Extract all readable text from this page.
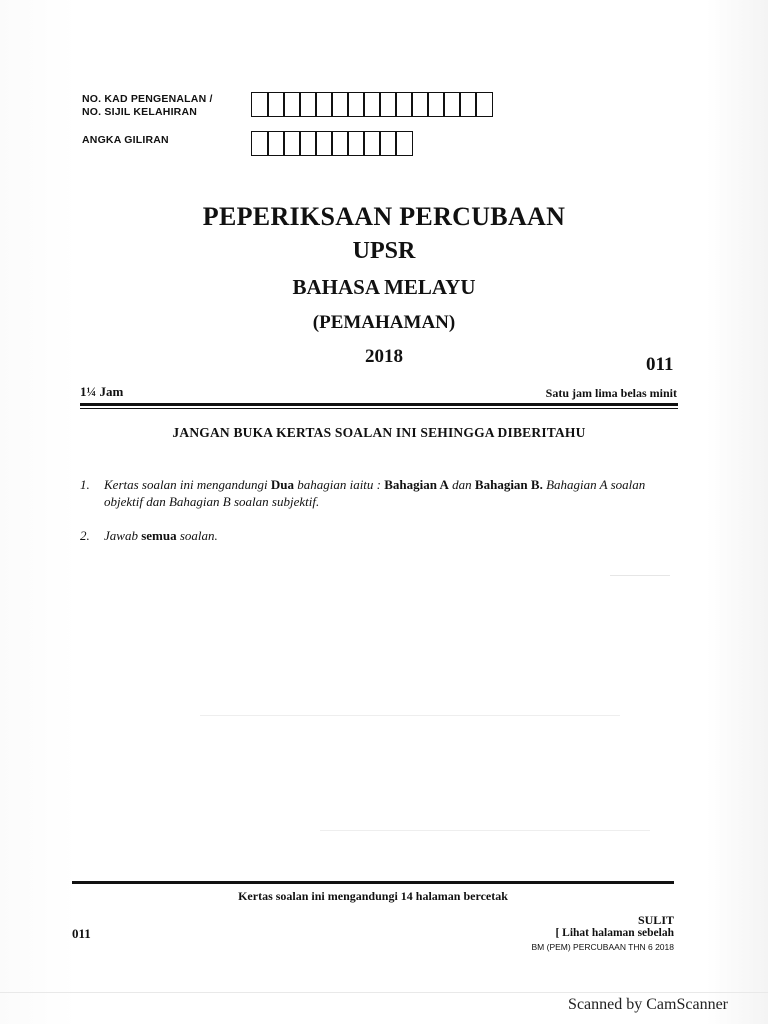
NO. KAD PENGENALAN /
NO. SIJIL KELAHIRAN
ANGKA GILIRAN
PEPERIKSAAN PERCUBAAN
UPSR
BAHASA MELAYU
(PEMAHAMAN)
2018	011
1¼ Jam	Satu jam lima belas minit
JANGAN BUKA KERTAS SOALAN INI SEHINGGA DIBERITAHU
1. Kertas soalan ini mengandungi Dua bahagian iaitu : Bahagian A dan Bahagian B. Bahagian A soalan objektif dan Bahagian B soalan subjektif.
2. Jawab semua soalan.
Kertas soalan ini mengandungi 14 halaman bercetak
SULIT
011	[ Lihat halaman sebelah
BM (PEM) PERCUBAAN THN 6 2018
Scanned by CamScanner
